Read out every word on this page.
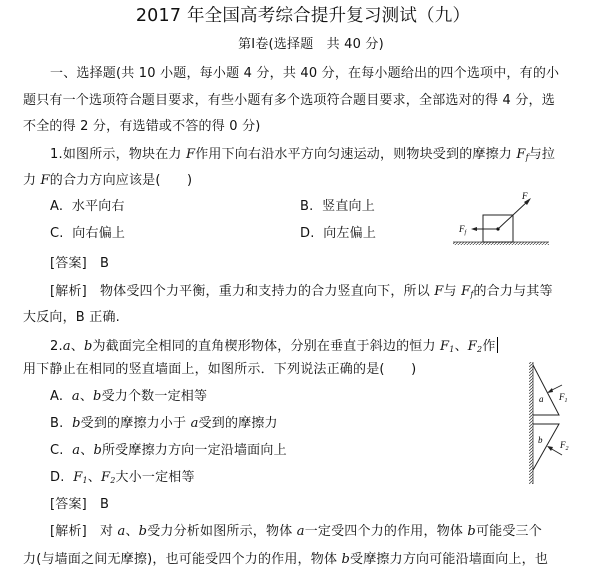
2017 年全国高考综合提升复习测试（九）
第Ⅰ卷(选择题　共 40 分)
一、选择题(共 10 小题，每小题 4 分，共 40 分，在每小题给出的四个选项中，有的小
题只有一个选项符合题目要求，有些小题有多个选项符合题目要求，全部选对的得 4 分，选
不全的得 2 分，有选错或不答的得 0 分)
1.如图所示，物块在力 F作用下向右沿水平方向匀速运动，则物块受到的摩擦力 $F_f$与拉
力 F的合力方向应该是(　　)
A. 水平向右	B. 竖直向上
C. 向右偏上	D. 向左偏上
F
$F_f$
[答案] B
[解析] 物体受四个力平衡，重力和支持力的合力竖直向下，所以 F与 $F_f$的合力与其等
大反向，B 正确.
2.a、b为截面完全相同的直角楔形物体，分别在垂直于斜边的恒力 $F_1$、$F_2$作
用下静止在相同的竖直墙面上，如图所示．下列说法正确的是(　　)
A. a、b受力个数一定相等
B. b受到的摩擦力小于 a受到的摩擦力
C. a、b所受摩擦力方向一定沿墙面向上
D. $F_1$、$F_2$大小一定相等
a
b
$F_1$
$F_2$
[答案] B
[解析] 对 a、b受力分析如图所示，物体 a一定受四个力的作用，物体 b可能受三个
力(与墙面之间无摩擦)，也可能受四个力的作用，物体 b受摩擦力方向可能沿墙面向上，也
